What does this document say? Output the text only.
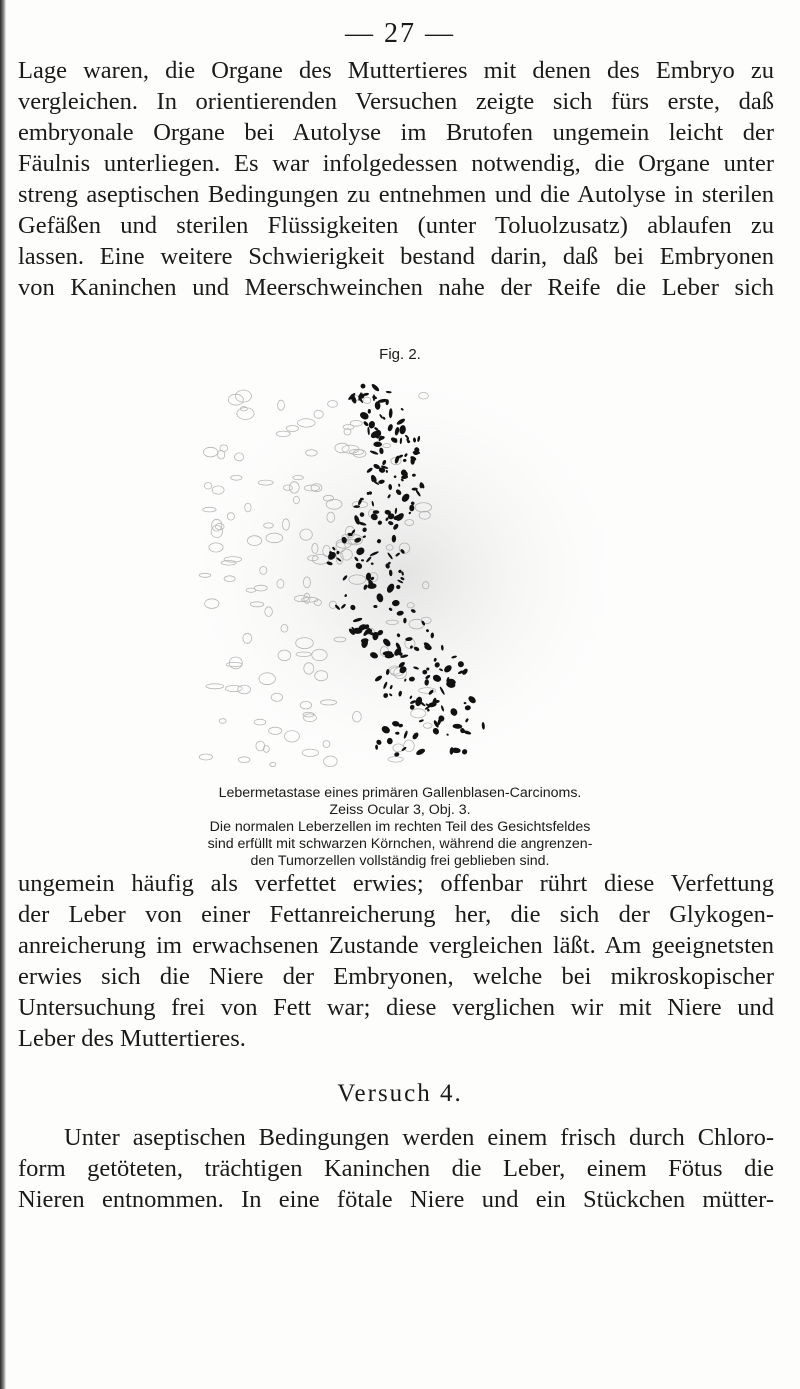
— 27 —
Lage waren, die Organe des Muttertieres mit denen des Embryo zu
vergleichen. In orientierenden Versuchen zeigte sich fürs erste, daß
embryonale Organe bei Autolyse im Brutofen ungemein leicht der
Fäulnis unterliegen. Es war infolgedessen notwendig, die Organe unter
streng aseptischen Bedingungen zu entnehmen und die Autolyse in sterilen
Gefäßen und sterilen Flüssigkeiten (unter Toluolzusatz) ablaufen zu
lassen. Eine weitere Schwierigkeit bestand darin, daß bei Embryonen
von Kaninchen und Meerschweinchen nahe der Reife die Leber sich
Fig. 2.
Lebermetastase eines primären Gallenblasen-Carcinoms.
Zeiss Ocular 3, Obj. 3.
Die normalen Leberzellen im rechten Teil des Gesichtsfeldes
sind erfüllt mit schwarzen Körnchen, während die angrenzen-
den Tumorzellen vollständig frei geblieben sind.
ungemein häufig als verfettet erwies; offenbar rührt diese Verfettung
der Leber von einer Fettanreicherung her, die sich der Glykogen-
anreicherung im erwachsenen Zustande vergleichen läßt. Am geeignetsten
erwies sich die Niere der Embryonen, welche bei mikroskopischer
Untersuchung frei von Fett war; diese verglichen wir mit Niere und
Leber des Muttertieres.
Versuch 4.
Unter aseptischen Bedingungen werden einem frisch durch Chloro-
form getöteten, trächtigen Kaninchen die Leber, einem Fötus die
Nieren entnommen. In eine fötale Niere und ein Stückchen mütter-
